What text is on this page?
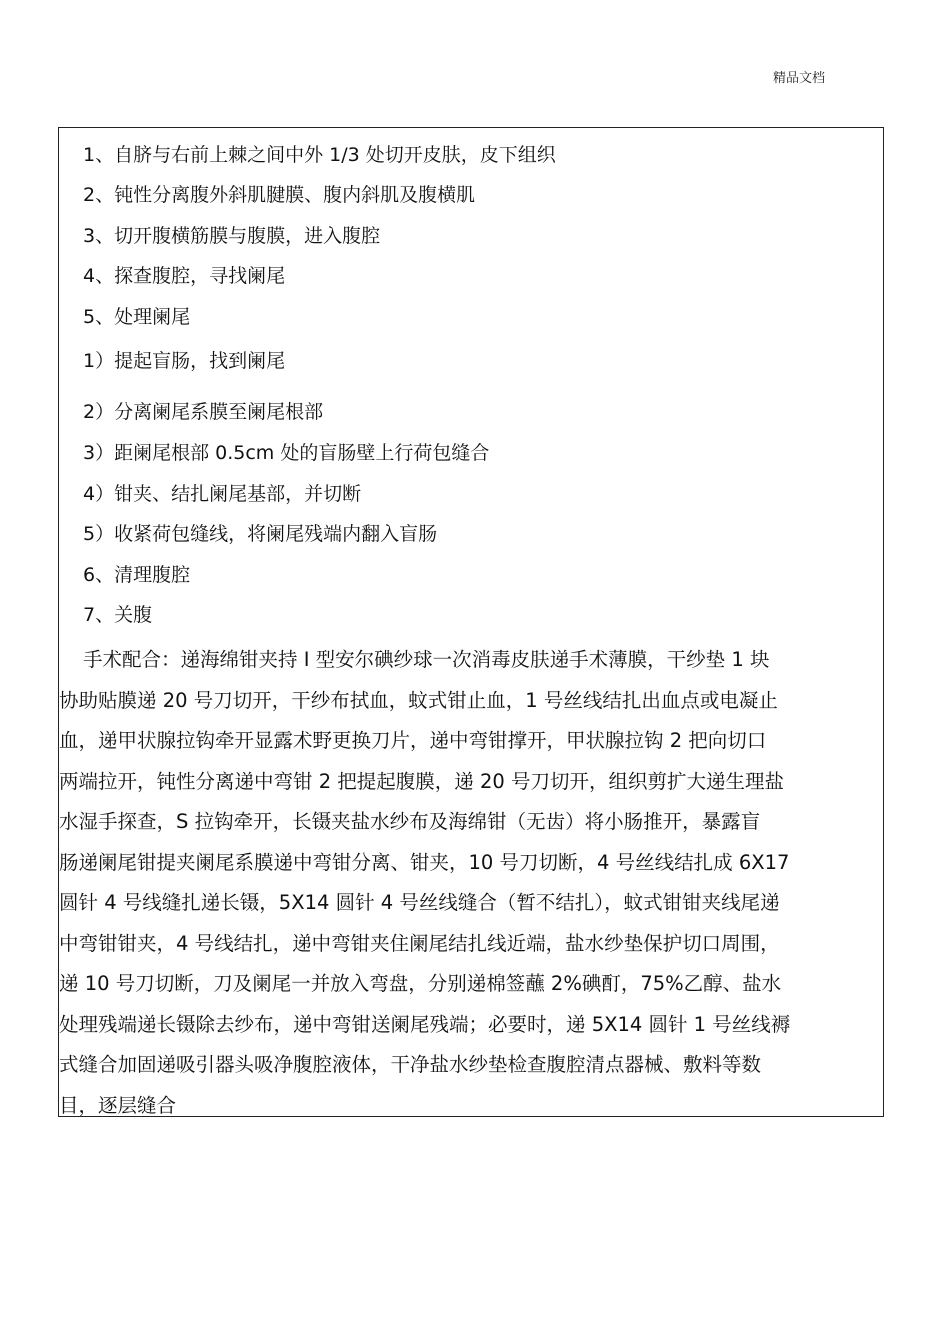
精品文档
1、自脐与右前上棘之间中外 1/3 处切开皮肤，皮下组织
2、钝性分离腹外斜肌腱膜、腹内斜肌及腹横肌
3、切开腹横筋膜与腹膜，进入腹腔
4、探查腹腔，寻找阑尾
5、处理阑尾
1）提起盲肠，找到阑尾
2）分离阑尾系膜至阑尾根部
3）距阑尾根部 0.5cm 处的盲肠壁上行荷包缝合
4）钳夹、结扎阑尾基部，并切断
5）收紧荷包缝线，将阑尾残端内翻入盲肠
6、清理腹腔
7、关腹
手术配合：递海绵钳夹持 I 型安尔碘纱球一次消毒皮肤递手术薄膜，干纱垫 1 块
协助贴膜递 20 号刀切开，干纱布拭血，蚊式钳止血，1 号丝线结扎出血点或电凝止
血，递甲状腺拉钩牵开显露术野更换刀片，递中弯钳撑开，甲状腺拉钩 2 把向切口
两端拉开，钝性分离递中弯钳 2 把提起腹膜，递 20 号刀切开，组织剪扩大递生理盐
水湿手探查，S 拉钩牵开，长镊夹盐水纱布及海绵钳（无齿）将小肠推开，暴露盲
肠递阑尾钳提夹阑尾系膜递中弯钳分离、钳夹，10 号刀切断，4 号丝线结扎成 6X17
圆针 4 号线缝扎递长镊，5X14 圆针 4 号丝线缝合（暂不结扎），蚊式钳钳夹线尾递
中弯钳钳夹，4 号线结扎，递中弯钳夹住阑尾结扎线近端，盐水纱垫保护切口周围，
递 10 号刀切断，刀及阑尾一并放入弯盘，分别递棉签蘸 2%碘酊，75%乙醇、盐水
处理残端递长镊除去纱布，递中弯钳送阑尾残端；必要时，递 5X14 圆针 1 号丝线褥
式缝合加固递吸引器头吸净腹腔液体，干净盐水纱垫检查腹腔清点器械、敷料等数
目，逐层缝合
